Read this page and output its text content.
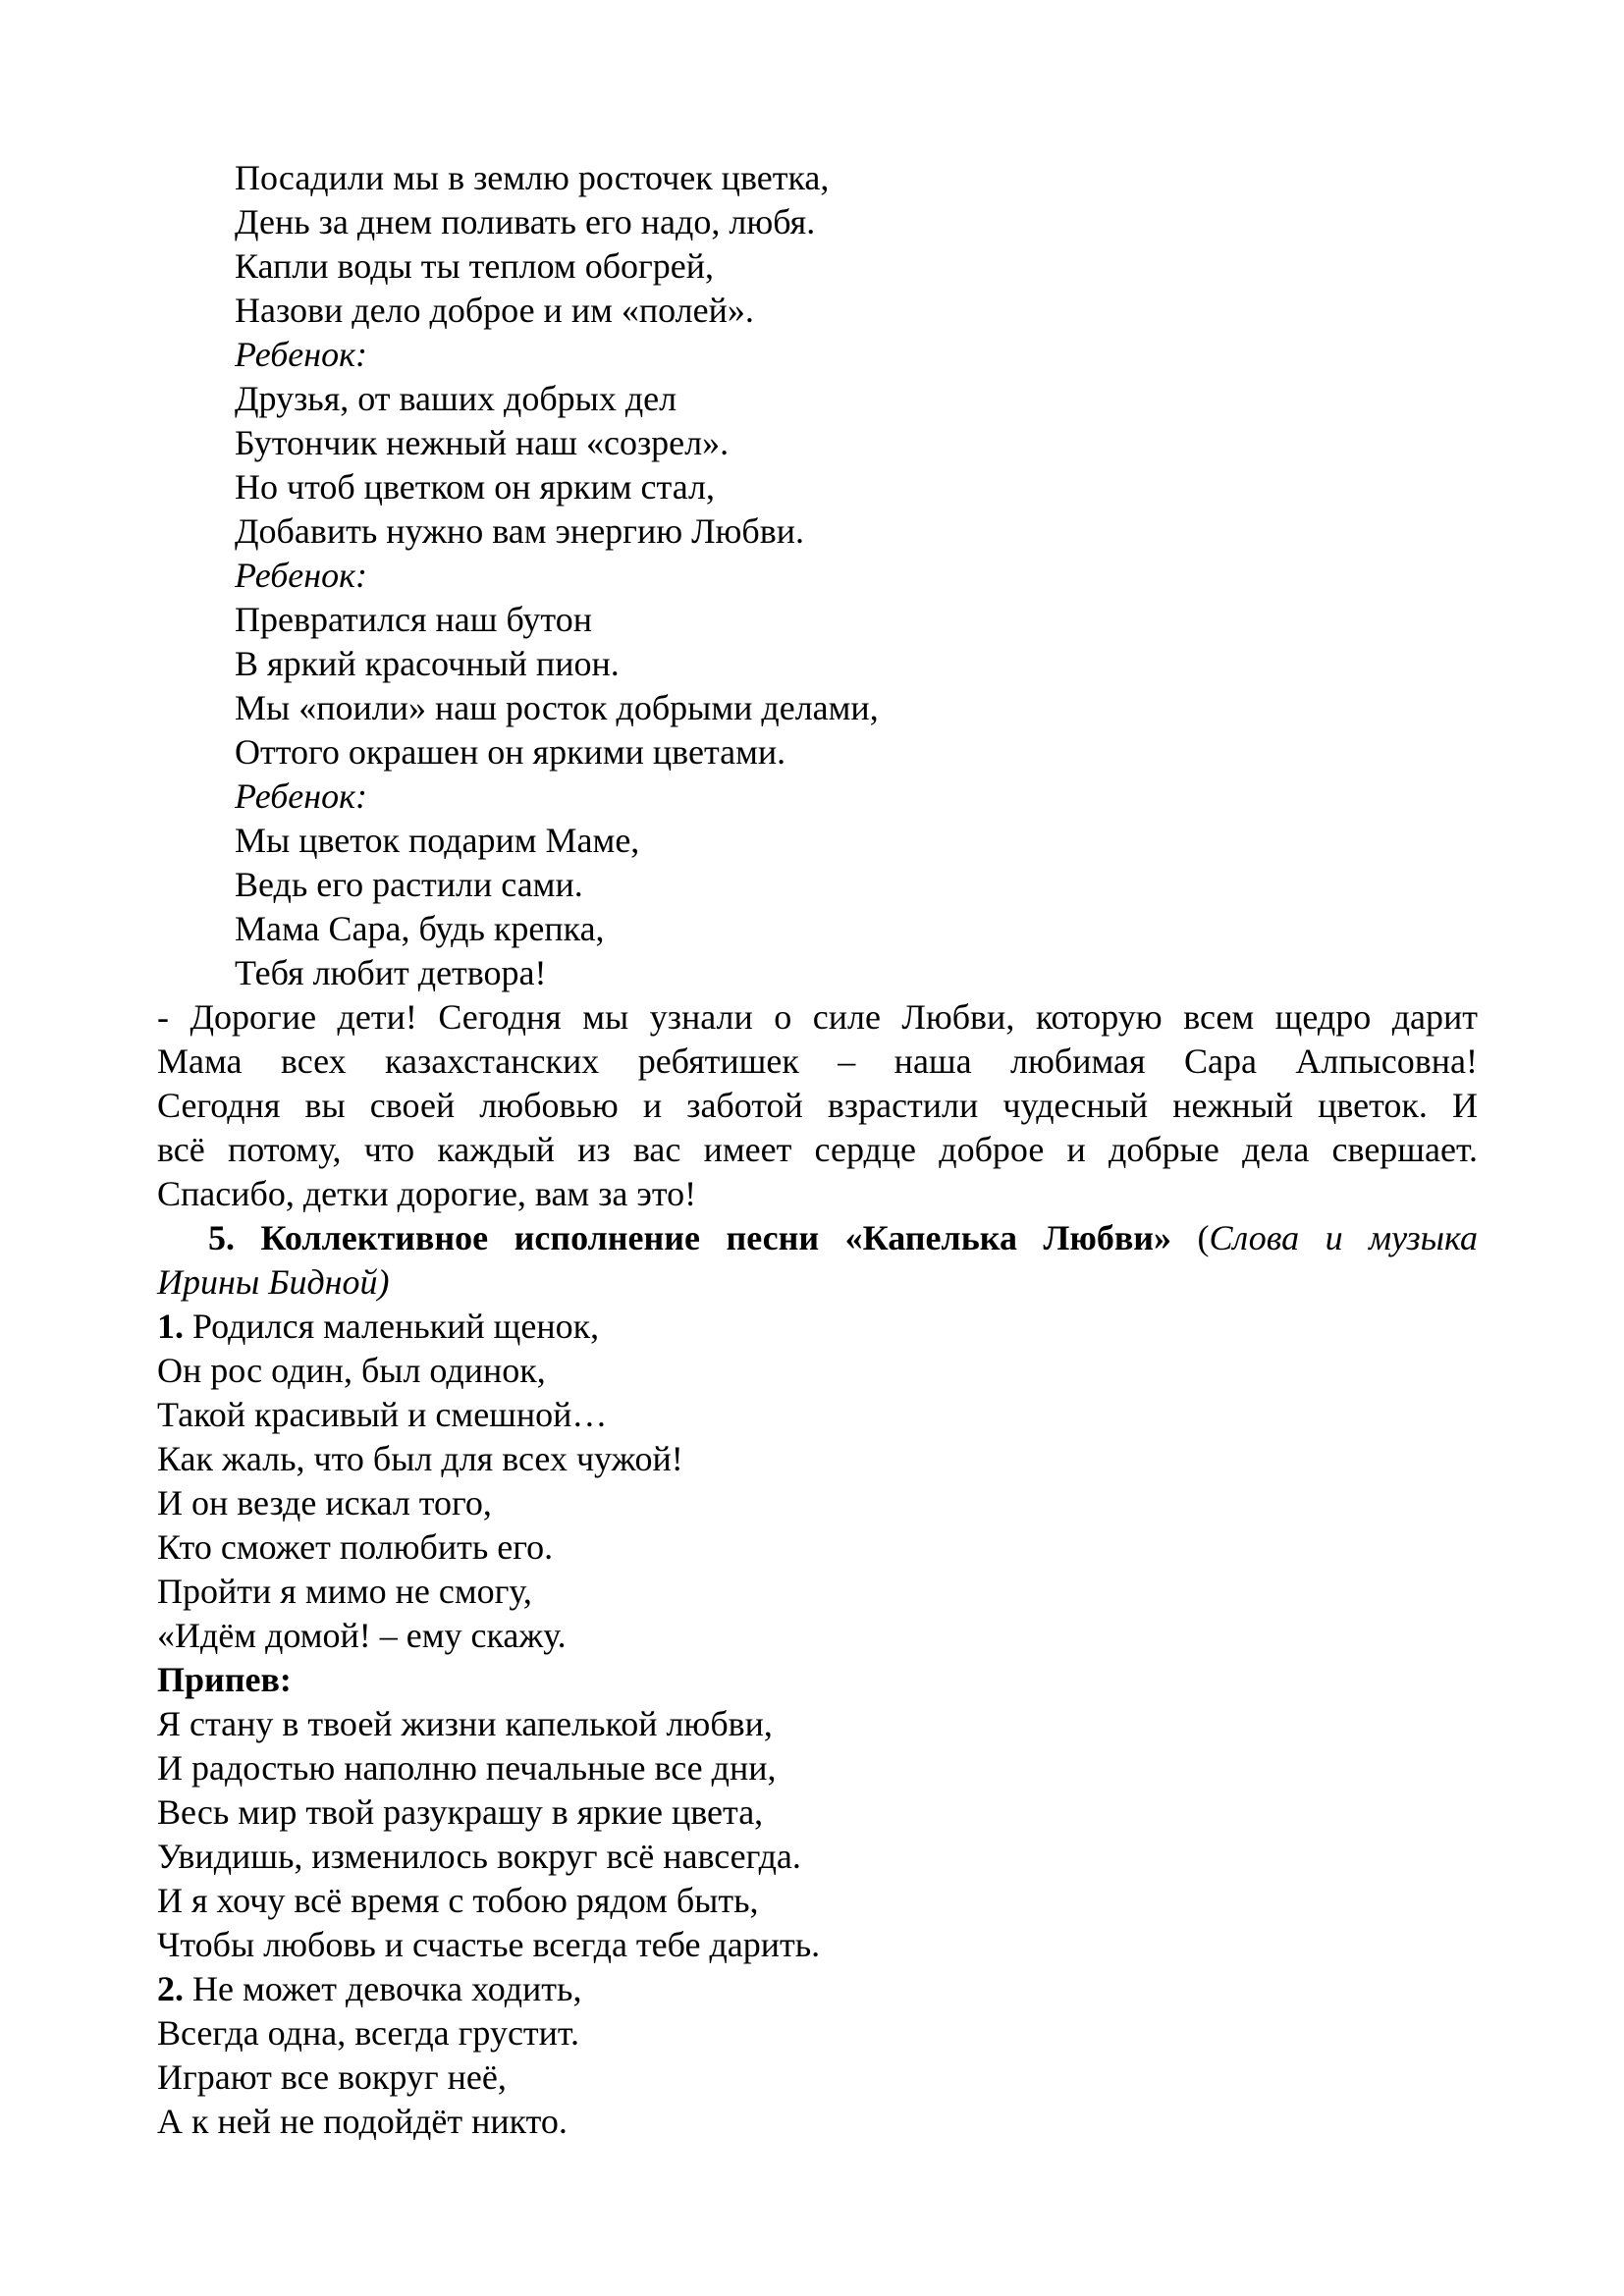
Посадили мы в землю росточек цветка,
День за днем поливать его надо, любя.
Капли воды ты теплом обогрей,
Назови дело доброе и им «полей».
Ребенок:
Друзья, от ваших добрых дел
Бутончик нежный наш «созрел».
Но чтоб цветком он ярким стал,
Добавить нужно вам энергию Любви.
Ребенок:
Превратился наш бутон
В яркий красочный пион.
Мы «поили» наш росток добрыми делами,
Оттого окрашен он яркими цветами.
Ребенок:
Мы цветок подарим Маме,
Ведь его растили сами.
Мама Сара, будь крепка,
Тебя любит детвора!
- Дорогие дети! Сегодня мы узнали о силе Любви, которую всем щедро дарит
Мама всех казахстанских ребятишек – наша любимая Сара Алпысовна!
Сегодня вы своей любовью и заботой взрастили чудесный нежный цветок. И
всё потому, что каждый из вас имеет сердце доброе и добрые дела свершает.
Спасибо, детки дорогие, вам за это!
5. Коллективное исполнение песни «Капелька Любви» (Слова и музыка
Ирины Бидной)
1. Родился маленький щенок,
Он рос один, был одинок,
Такой красивый и смешной…
Как жаль, что был для всех чужой!
И он везде искал того,
Кто сможет полюбить его.
Пройти я мимо не смогу,
«Идём домой! – ему скажу.
Припев:
Я стану в твоей жизни капелькой любви,
И радостью наполню печальные все дни,
Весь мир твой разукрашу в яркие цвета,
Увидишь, изменилось вокруг всё навсегда.
И я хочу всё время с тобою рядом быть,
Чтобы любовь и счастье всегда тебе дарить.
2. Не может девочка ходить,
Всегда одна, всегда грустит.
Играют все вокруг неё,
А к ней не подойдёт никто.
